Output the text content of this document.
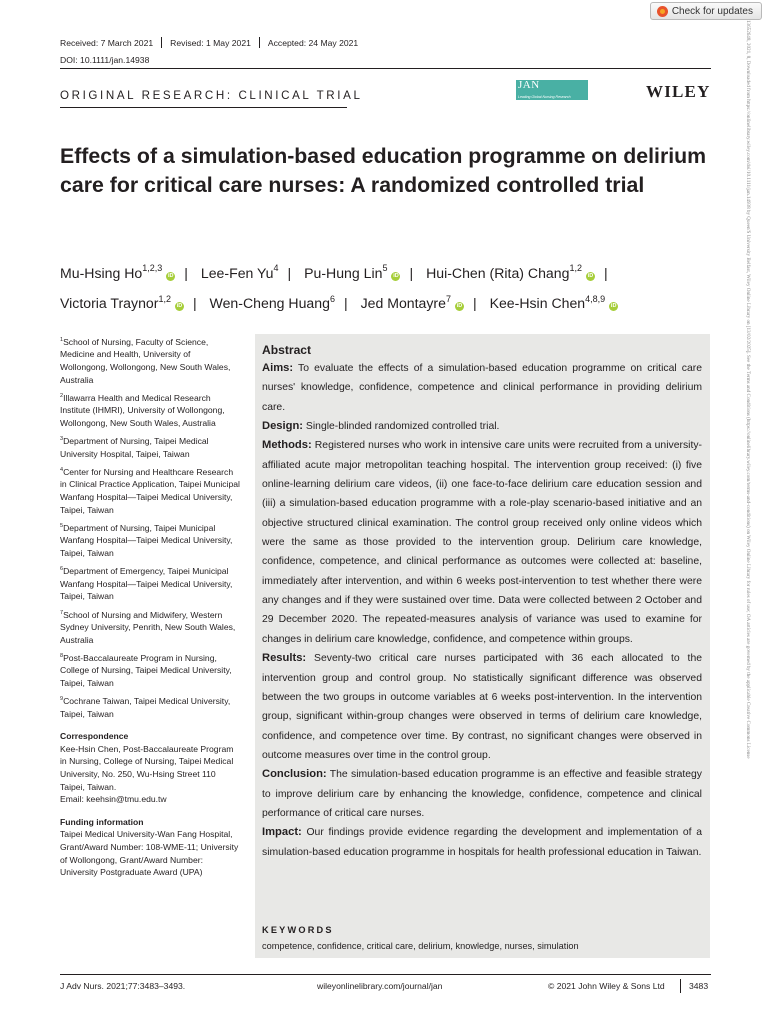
Check for updates
13652648, 2021, 8, Downloaded from https://onlinelibrary.wiley.com/doi/10.1111/jan.14938 by Queen'S University Belfast, Wiley Online Library on [13/02/2025]. See the Terms and Conditions (https://onlinelibrary.wiley.com/terms-and-conditions) on Wiley Online Library for rules of use; OA articles are governed by the applicable Creative Commons License
Received: 7 March 2021 Revised: 1 May 2021 Accepted: 24 May 2021
DOI: 10.1111/jan.14938
ORIGINAL RESEARCH: CLINICAL TRIAL
JAN
Leading Global Nursing Research	WILEY
Effects of a simulation-based education programme on delirium care for critical care nurses: A randomized controlled trial
Mu-Hsing Ho$^{1,2,3}$iD | Lee-Fen Yu$^4$ | Pu-Hung Lin$^5$iD | Hui-Chen (Rita) Chang$^{1,2}$iD | Victoria Traynor$^{1,2}$iD | Wen-Cheng Huang$^6$ | Jed Montayre$^7$iD | Kee-Hsin Chen$^{4,8,9}$iD
$^1$School of Nursing, Faculty of Science, Medicine and Health, University of Wollongong, Wollongong, New South Wales, Australia
$^2$Illawarra Health and Medical Research Institute (IHMRI), University of Wollongong, Wollongong, New South Wales, Australia
$^3$Department of Nursing, Taipei Medical University Hospital, Taipei, Taiwan
$^4$Center for Nursing and Healthcare Research in Clinical Practice Application, Taipei Municipal Wanfang Hospital—Taipei Medical University, Taipei, Taiwan
$^5$Department of Nursing, Taipei Municipal Wanfang Hospital—Taipei Medical University, Taipei, Taiwan
$^6$Department of Emergency, Taipei Municipal Wanfang Hospital—Taipei Medical University, Taipei, Taiwan
$^7$School of Nursing and Midwifery, Western Sydney University, Penrith, New South Wales, Australia
$^8$Post-Baccalaureate Program in Nursing, College of Nursing, Taipei Medical University, Taipei, Taiwan
$^9$Cochrane Taiwan, Taipei Medical University, Taipei, Taiwan
Correspondence
Kee-Hsin Chen, Post-Baccalaureate Program in Nursing, College of Nursing, Taipei Medical University, No. 250, Wu-Hsing Street 110 Taipei, Taiwan.
Email: keehsin@tmu.edu.tw
Funding information
Taipei Medical University-Wan Fang Hospital, Grant/Award Number: 108-WME-11; University of Wollongong, Grant/Award Number: University Postgraduate Award (UPA)
Abstract

Aims: To evaluate the effects of a simulation-based education programme on critical care nurses' knowledge, confidence, competence and clinical performance in providing delirium care.

Design: Single-blinded randomized controlled trial.

Methods: Registered nurses who work in intensive care units were recruited from a university-affiliated acute major metropolitan teaching hospital. The intervention group received: (i) five online-learning delirium care videos, (ii) one face-to-face delirium care education session and (iii) a simulation-based education programme with a role-play scenario-based initiative and an objective structured clinical examination. The control group received only online videos which were the same as those provided to the intervention group. Delirium care knowledge, confidence, competence, and clinical performance as outcomes were collected at: baseline, immediately after intervention, and within 6 weeks post-intervention to test whether there were any changes and if they were sustained over time. Data were collected between 2 October and 29 December 2020. The repeated-measures analysis of variance was used to examine for changes in delirium care knowledge, confidence, and competence within groups.

Results: Seventy-two critical care nurses participated with 36 each allocated to the intervention group and control group. No statistically significant difference was observed between the two groups in outcome variables at 6 weeks post-intervention. In the intervention group, significant within-group changes were observed in terms of delirium care knowledge, confidence, and competence over time. By contrast, no significant changes were observed in outcome measures over time in the control group.

Conclusion: The simulation-based education programme is an effective and feasible strategy to improve delirium care by enhancing the knowledge, confidence, competence and clinical performance of critical care nurses.

Impact: Our findings provide evidence regarding the development and implementation of a simulation-based education programme in hospitals for health professional education in Taiwan.

KEYWORDS
competence, confidence, critical care, delirium, knowledge, nurses, simulation
J Adv Nurs. 2021;77:3483–3493.	wileyonlinelibrary.com/journal/jan	© 2021 John Wiley & Sons Ltd	3483
